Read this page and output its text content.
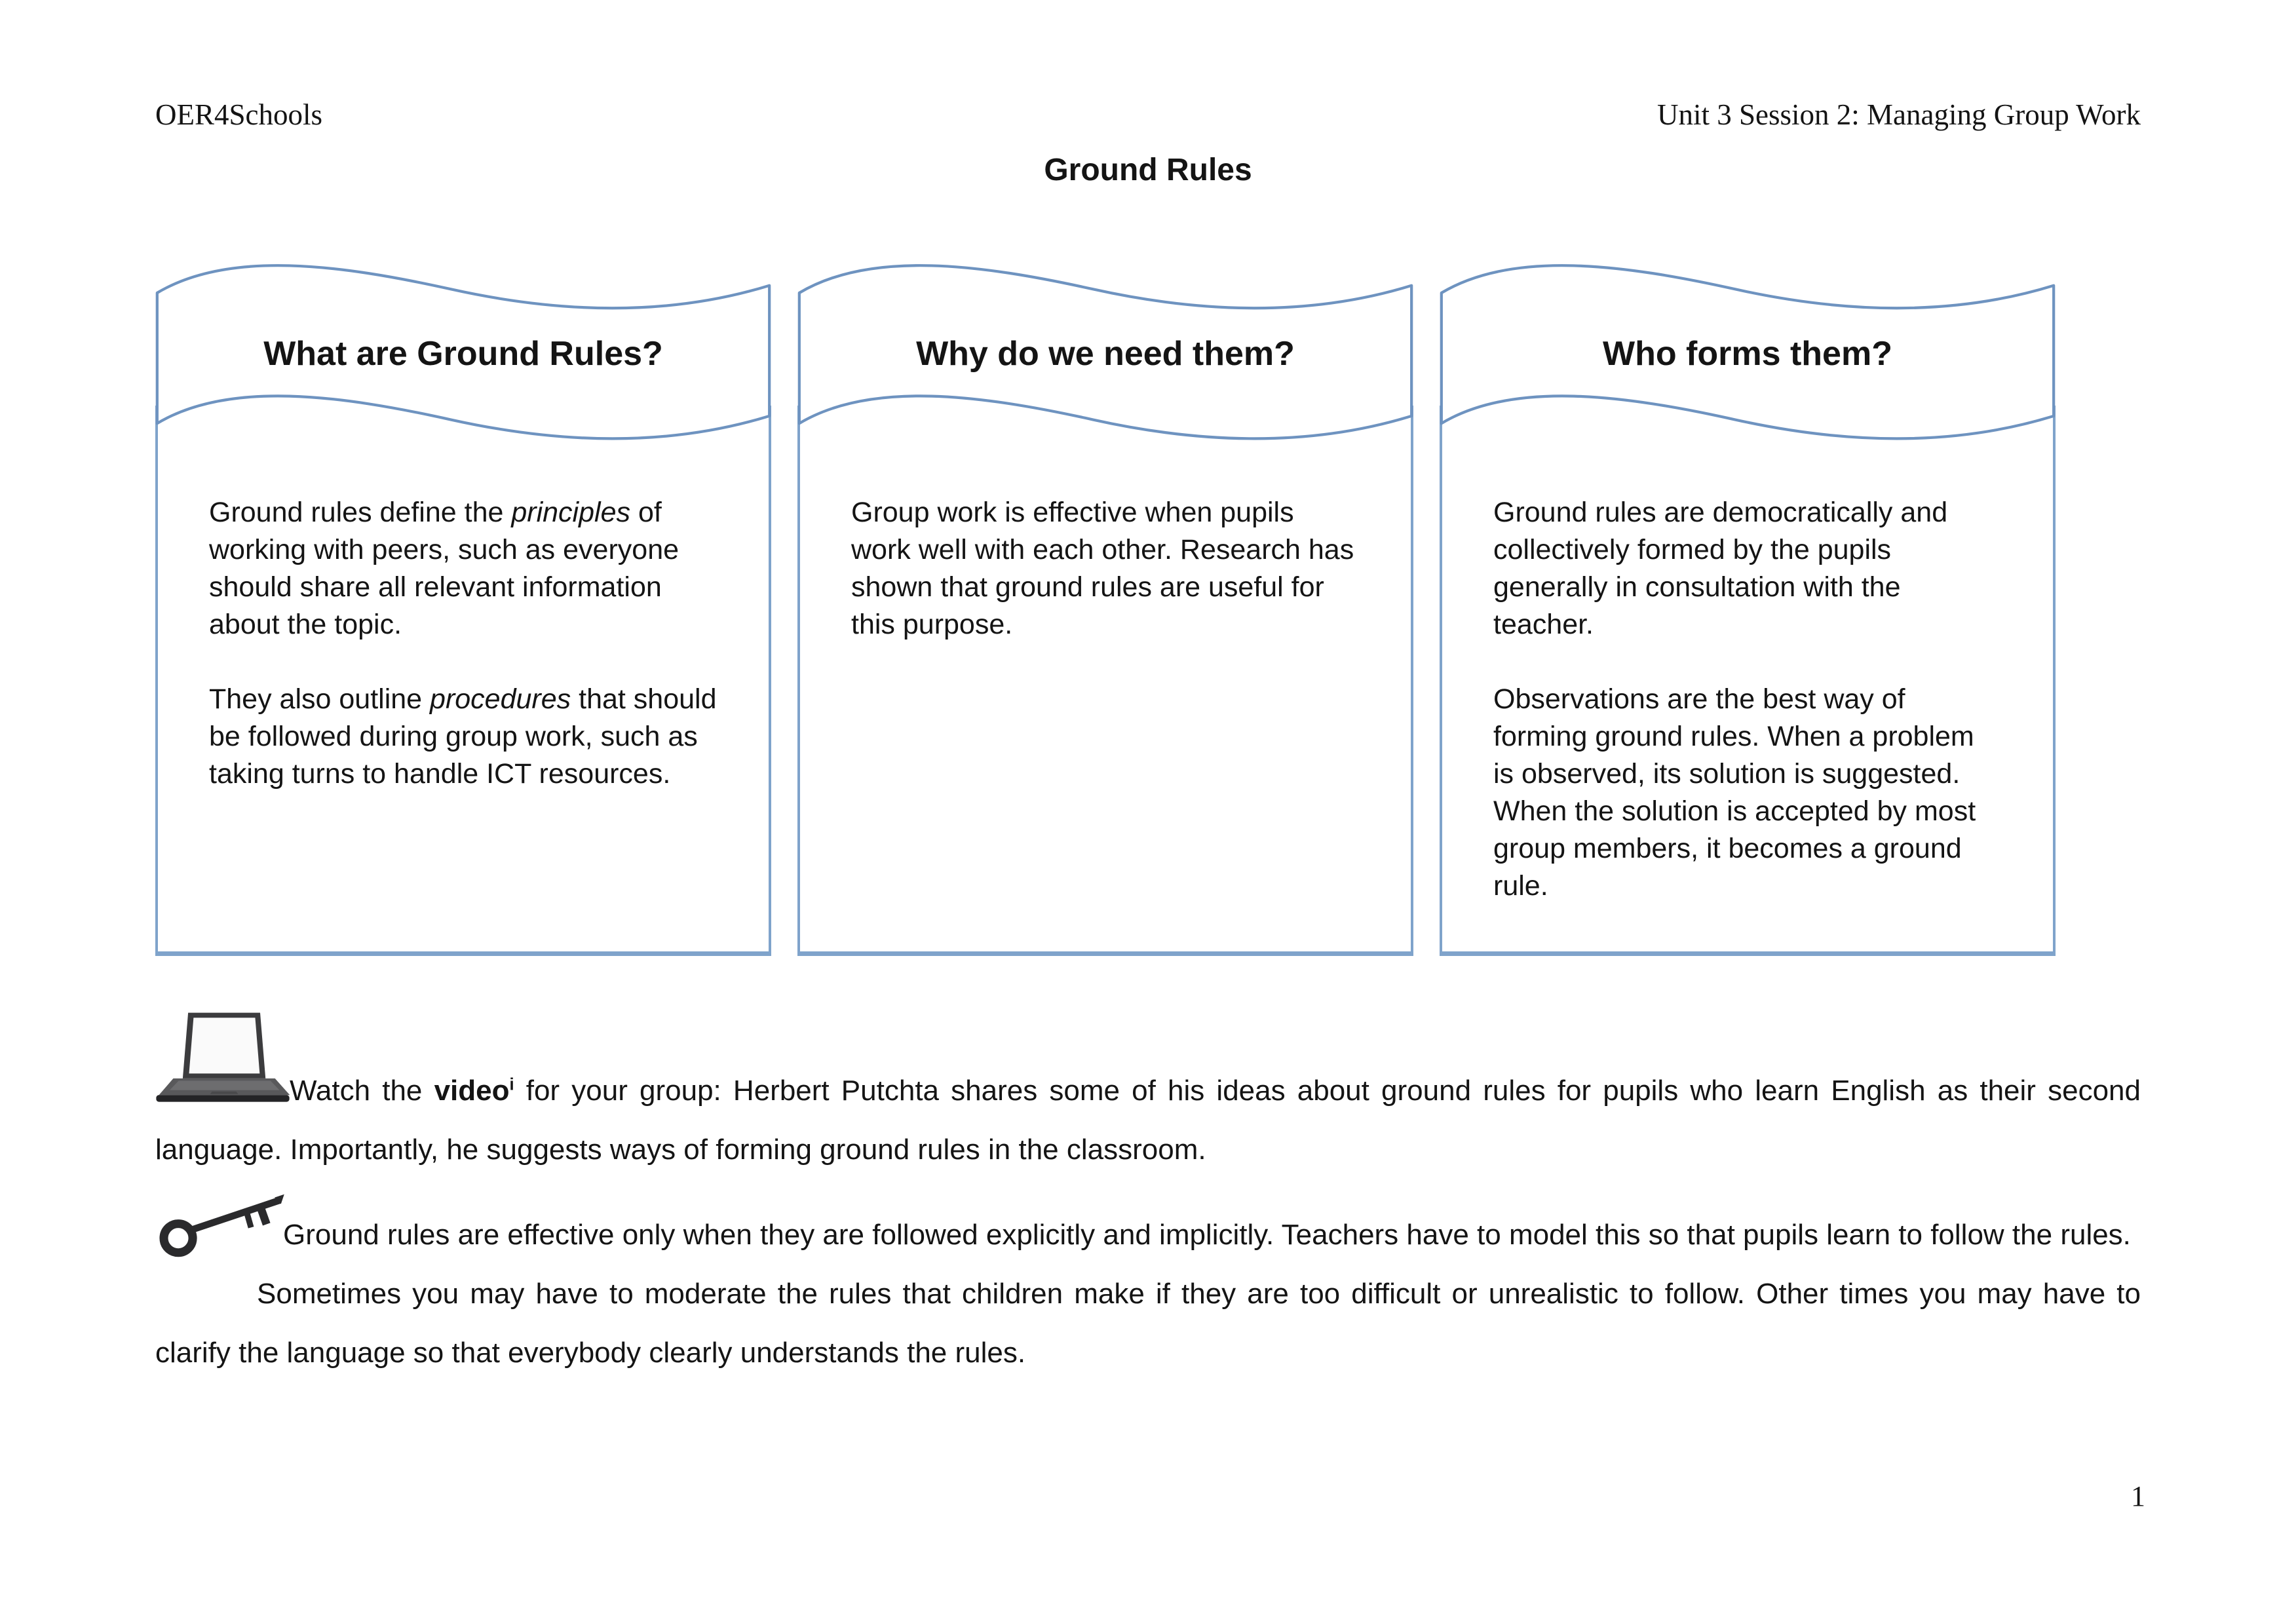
OER4Schools	Unit 3 Session 2: Managing Group Work
Ground Rules
What are Ground Rules?

Ground rules define the principles of working with peers, such as everyone should share all relevant information about the topic.

They also outline procedures that should be followed during group work, such as taking turns to handle ICT resources.

Why do we need them?

Group work is effective when pupils work well with each other. Research has shown that ground rules are useful for this purpose.

Who forms them?

Ground rules are democratically and collectively formed by the pupils generally in consultation with the teacher.

Observations are the best way of forming ground rules. When a problem is observed, its solution is suggested. When the solution is accepted by most group members, it becomes a ground rule.

Watch the video$^i$ for your group: Herbert Putchta shares some of his ideas about ground rules for pupils who learn English as their second language. Importantly, he suggests ways of forming ground rules in the classroom.

Ground rules are effective only when they are followed explicitly and implicitly. Teachers have to model this so that pupils learn to follow the rules.

Sometimes you may have to moderate the rules that children make if they are too difficult or unrealistic to follow. Other times you may have to clarify the language so that everybody clearly understands the rules.

1
